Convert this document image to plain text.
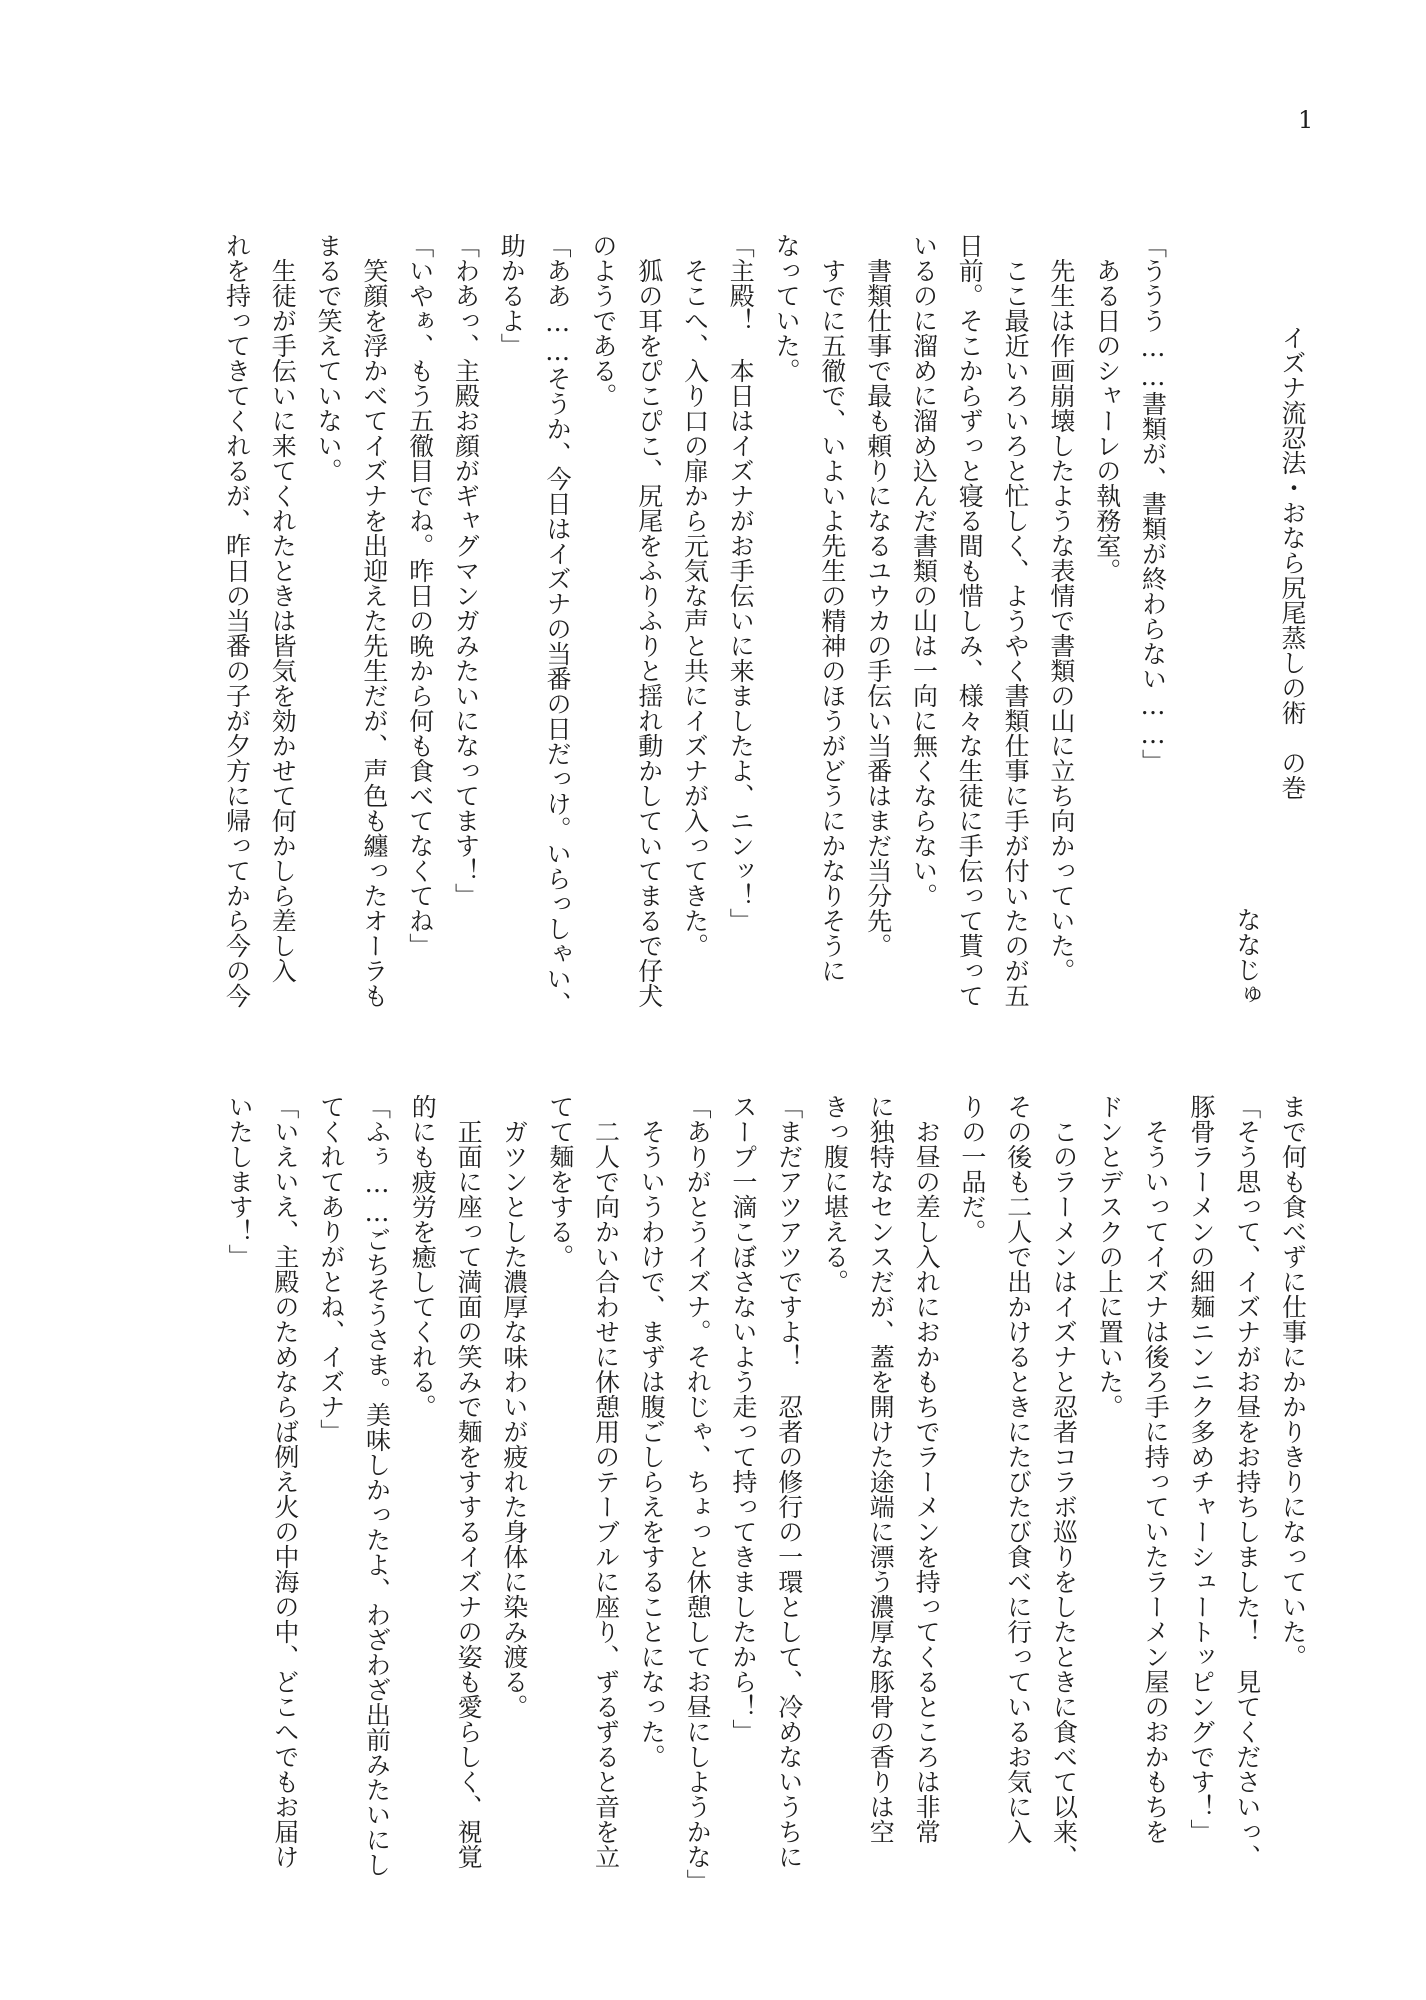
1
イズナ流忍法・おなら尻尾蒸しの術　の巻
ななじゅ
「ううう……書類が、書類が終わらない……」
　ある日のシャーレの執務室。
　先生は作画崩壊したような表情で書類の山に立ち向かっていた。
　ここ最近いろいろと忙しく、ようやく書類仕事に手が付いたのが五
日前。そこからずっと寝る間も惜しみ、様々な生徒に手伝って貰って
いるのに溜めに溜め込んだ書類の山は一向に無くならない。
　書類仕事で最も頼りになるユウカの手伝い当番はまだ当分先。
　すでに五徹で、いよいよ先生の精神のほうがどうにかなりそうに
なっていた。
「主殿！　本日はイズナがお手伝いに来ましたよ、ニンッ！」
　そこへ、入り口の扉から元気な声と共にイズナが入ってきた。
　狐の耳をぴこぴこ、尻尾をふりふりと揺れ動かしていてまるで仔犬
のようである。
「ああ……そうか、今日はイズナの当番の日だっけ。いらっしゃい、
助かるよ」
「わあっ、主殿お顔がギャグマンガみたいになってます！」
「いやぁ、もう五徹目でね。昨日の晩から何も食べてなくてね」
　笑顔を浮かべてイズナを出迎えた先生だが、声色も纏ったオーラも
まるで笑えていない。
　生徒が手伝いに来てくれたときは皆気を効かせて何かしら差し入
れを持ってきてくれるが、昨日の当番の子が夕方に帰ってから今の今
まで何も食べずに仕事にかかりきりになっていた。
「そう思って、イズナがお昼をお持ちしました！　見てくださいっ、
豚骨ラーメンの細麺ニンニク多めチャーシュートッピングです！」
　そういってイズナは後ろ手に持っていたラーメン屋のおかもちを
ドンとデスクの上に置いた。
　このラーメンはイズナと忍者コラボ巡りをしたときに食べて以来、
その後も二人で出かけるときにたびたび食べに行っているお気に入
りの一品だ。
　お昼の差し入れにおかもちでラーメンを持ってくるところは非常
に独特なセンスだが、蓋を開けた途端に漂う濃厚な豚骨の香りは空
きっ腹に堪える。
「まだアツアツですよ！　忍者の修行の一環として、冷めないうちに
スープ一滴こぼさないよう走って持ってきましたから！」
「ありがとうイズナ。それじゃ、ちょっと休憩してお昼にしようかな」
　そういうわけで、まずは腹ごしらえをすることになった。
　二人で向かい合わせに休憩用のテーブルに座り、ずるずると音を立
てて麺をする。
　ガツンとした濃厚な味わいが疲れた身体に染み渡る。
　正面に座って満面の笑みで麺をすするイズナの姿も愛らしく、視覚
的にも疲労を癒してくれる。
「ふぅ……ごちそうさま。美味しかったよ、わざわざ出前みたいにし
てくれてありがとね、イズナ」
「いえいえ、主殿のためならば例え火の中海の中、どこへでもお届け
いたします！」
